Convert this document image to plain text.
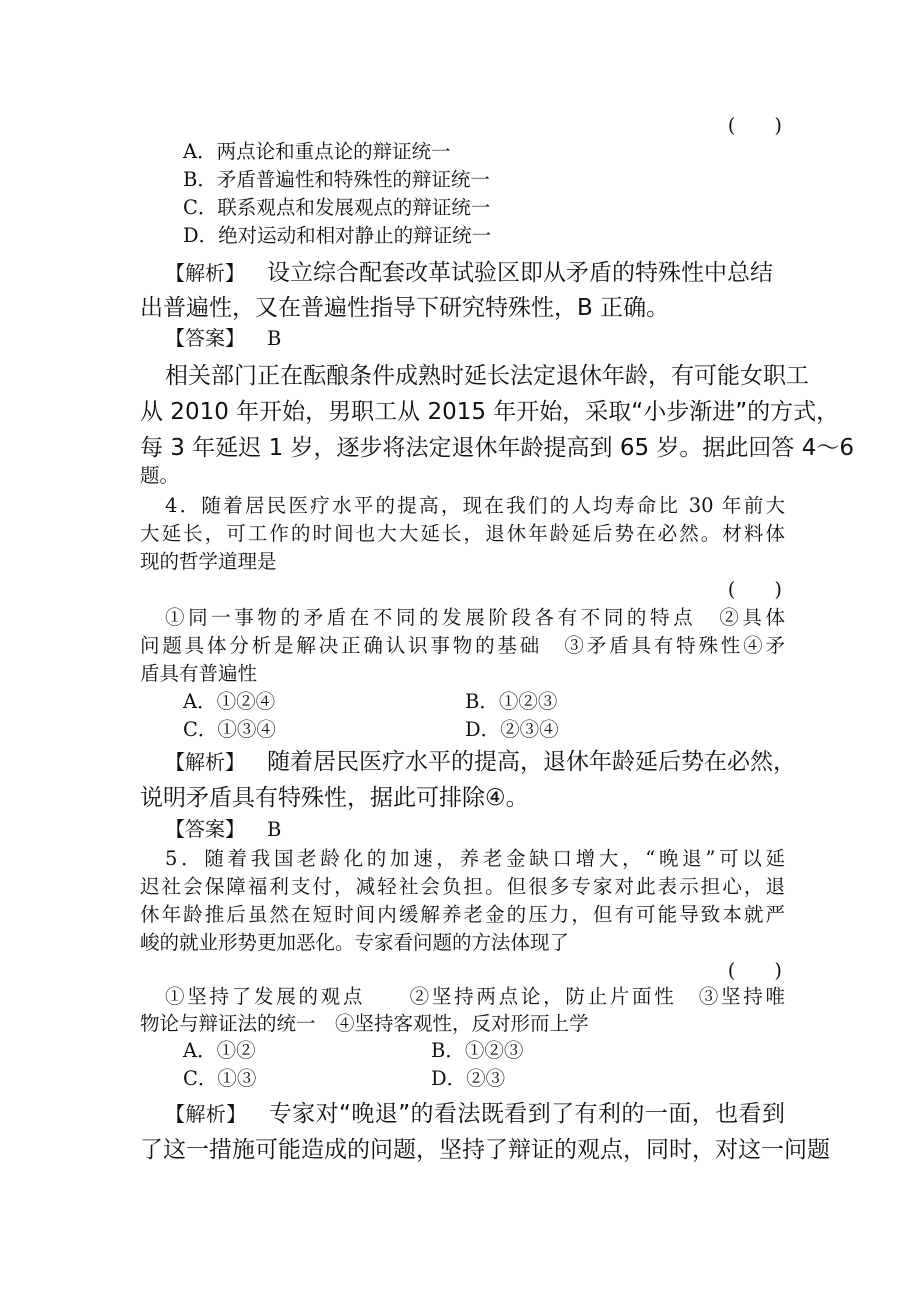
(　　)
A．两点论和重点论的辩证统一
B．矛盾普遍性和特殊性的辩证统一
C．联系观点和发展观点的辩证统一
D．绝对运动和相对静止的辩证统一
【解析】 设立综合配套改革试验区即从矛盾的特殊性中总结
出普遍性，又在普遍性指导下研究特殊性，B 正确。
【答案】 B
相关部门正在酝酿条件成熟时延长法定退休年龄，有可能女职工
从 2010 年开始，男职工从 2015 年开始，采取“小步渐进”的方式，
每 3 年延迟 1 岁，逐步将法定退休年龄提高到 65 岁。据此回答 4～6
题。
4．随着居民医疗水平的提高，现在我们的人均寿命比 30 年前大
大延长，可工作的时间也大大延长，退休年龄延后势在必然。材料体
现的哲学道理是
(　　)
①同一事物的矛盾在不同的发展阶段各有不同的特点　②具体
问题具体分析是解决正确认识事物的基础　③矛盾具有特殊性④矛
盾具有普遍性
A．①②④	B．①②③
C．①③④	D．②③④
【解析】 随着居民医疗水平的提高，退休年龄延后势在必然，
说明矛盾具有特殊性，据此可排除④。
【答案】 B
5．随着我国老龄化的加速，养老金缺口增大，“晚退”可以延
迟社会保障福利支付，减轻社会负担。但很多专家对此表示担心，退
休年龄推后虽然在短时间内缓解养老金的压力，但有可能导致本就严
峻的就业形势更加恶化。专家看问题的方法体现了
(　　)
①坚持了发展的观点　　②坚持两点论，防止片面性　③坚持唯
物论与辩证法的统一　④坚持客观性，反对形而上学
A．①②	B．①②③
C．①③	D．②③
【解析】 专家对“晚退”的看法既看到了有利的一面，也看到
了这一措施可能造成的问题，坚持了辩证的观点，同时，对这一问题
